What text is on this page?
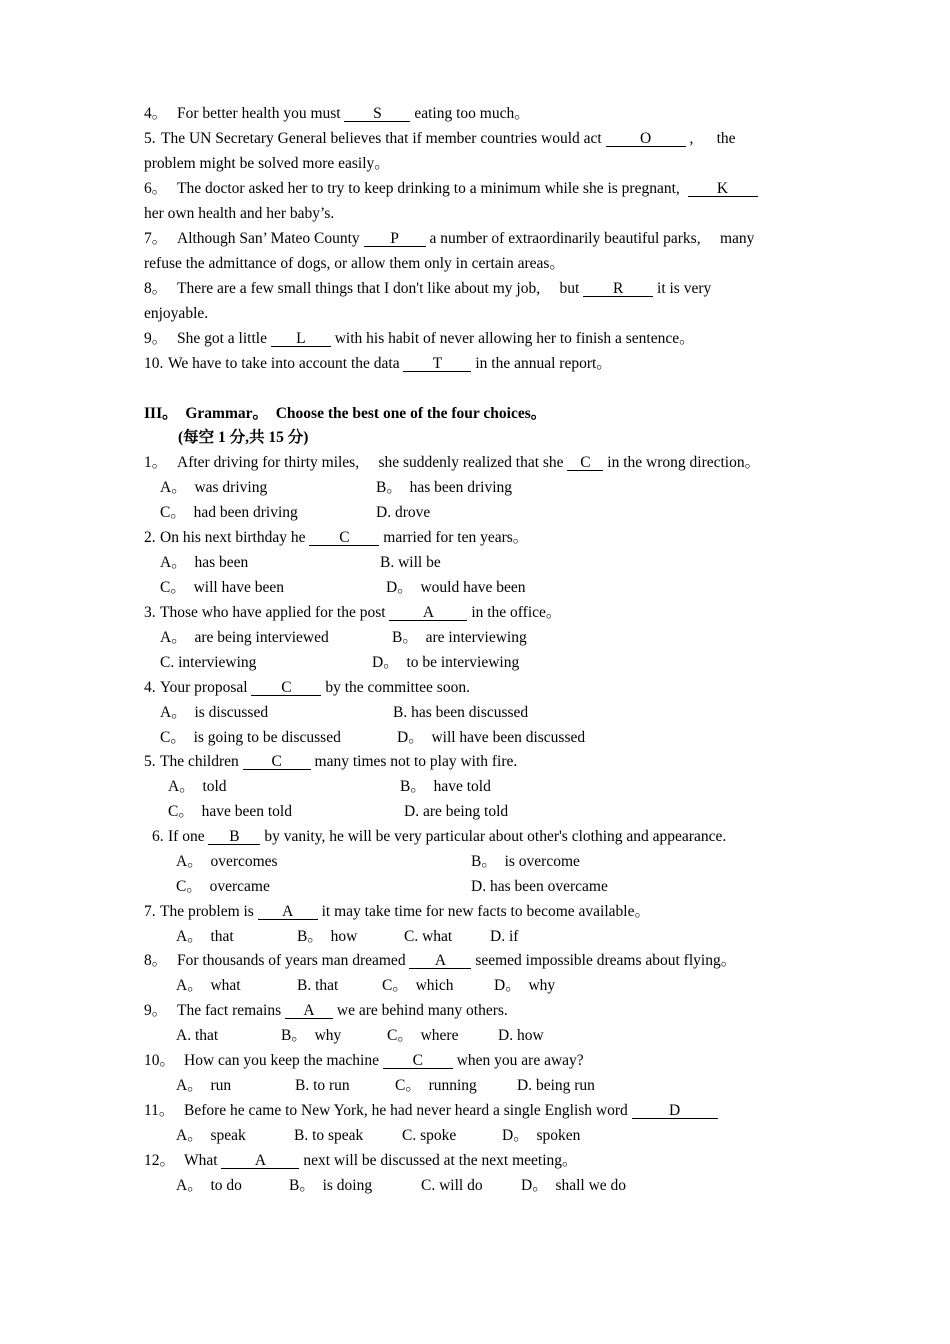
4。 For better health you must S eating too much。
5. The UN Secretary General believes that if member countries would act O ,      the
problem might be solved more easily。
6。 The doctor asked her to try to keep drinking to a minimum while she is pregnant,  K
her own health and her baby’s.
7。 Although San’ Mateo County P a number of extraordinarily beautiful parks,     many
refuse the admittance of dogs, or allow them only in certain areas。
8。 There are a few small things that I don't like about my job,     but R it is very
enjoyable.
9。 She got a little L with his habit of never allowing her to finish a sentence。
10. We have to take into account the data T in the annual report。
III。  Grammar。  Choose the best one of the four choices。
(每空 1 分,共 15 分)
1。 After driving for thirty miles,     she suddenly realized that she C in the wrong direction。
A。  was driving	B。  has been driving
C。  had been driving	D. drove
2. On his next birthday he C married for ten years。
A。  has been	B. will be
C。  will have been	D。  would have been
3. Those who have applied for the post A in the office。
A。  are being interviewed	B。  are interviewing
C. interviewing	D。  to be interviewing
4. Your proposal C by the committee soon.
A。  is discussed	B. has been discussed
C。  is going to be discussed	D。  will have been discussed
5. The children C many times not to play with fire.
A。  told	B。  have told
C。  have been told	D. are being told
6. If one B by vanity, he will be very particular about other's clothing and appearance.
A。  overcomes	B。  is overcome
C。  overcame	D. has been overcame
7. The problem is A it may take time for new facts to become available。
A。  that	B。  how	C. what D. if
8。 For thousands of years man dreamed A seemed impossible dreams about flying。
A。  what	B. that	C。  which	D。  why
9。 The fact remains A we are behind many others.
A. that	B。  why	C。  where	D. how
10。 How can you keep the machine C when you are away?
A。  run	B. to run	C。  running	D. being run
11。 Before he came to New York, he had never heard a single English word D
A。  speak	B. to speak C. spoke	D。  spoken
12。 What A next will be discussed at the next meeting。
A。  to do	B。  is doing	C. will do D。  shall we do
